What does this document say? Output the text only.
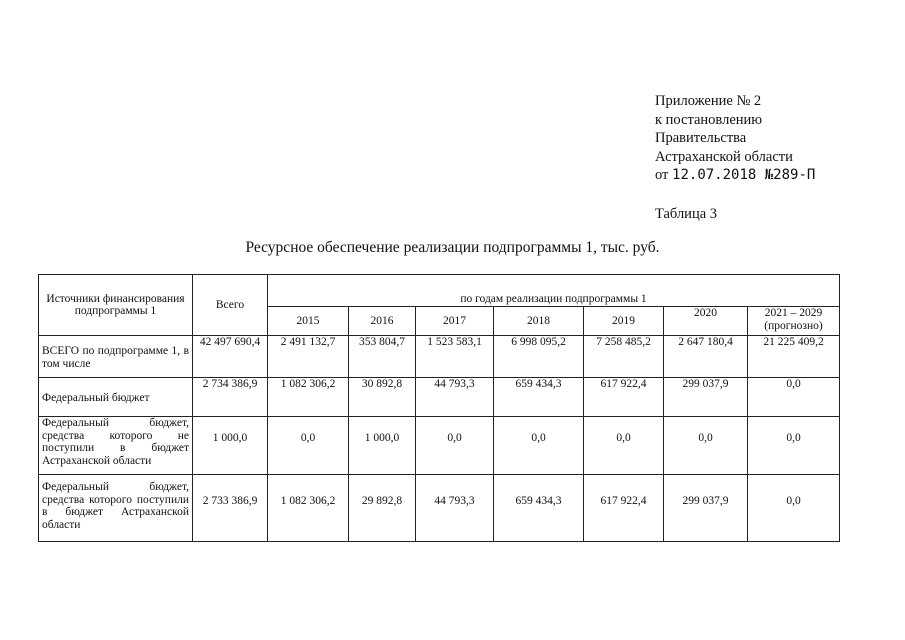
Приложение № 2
к постановлению
Правительства
Астраханской области
от 12.07.2018 №289-П
Таблица 3
Ресурсное обеспечение реализации подпрограммы 1, тыс. руб.
Источники финансирования подпрограммы 1	Всего	по годам реализации подпрограммы 1						
		2015	2016	2017	2018	2019	2020	2021 – 2029 (прогнозно)
ВСЕГО по подпрограмме 1, в том числе	42 497 690,4	2 491 132,7	353 804,7	1 523 583,1	6 998 095,2	7 258 485,2	2 647 180,4	21 225 409,2
Федеральный бюджет	2 734 386,9	1 082 306,2	30 892,8	44 793,3	659 434,3	617 922,4	299 037,9	0,0
Федеральный бюджет, средства которого не поступили в бюджет Астраханской области	1 000,0	0,0	1 000,0	0,0	0,0	0,0	0,0	0,0
Федеральный бюджет, средства которого поступили в бюджет Астраханской области	2 733 386,9	1 082 306,2	29 892,8	44 793,3	659 434,3	617 922,4	299 037,9	0,0
